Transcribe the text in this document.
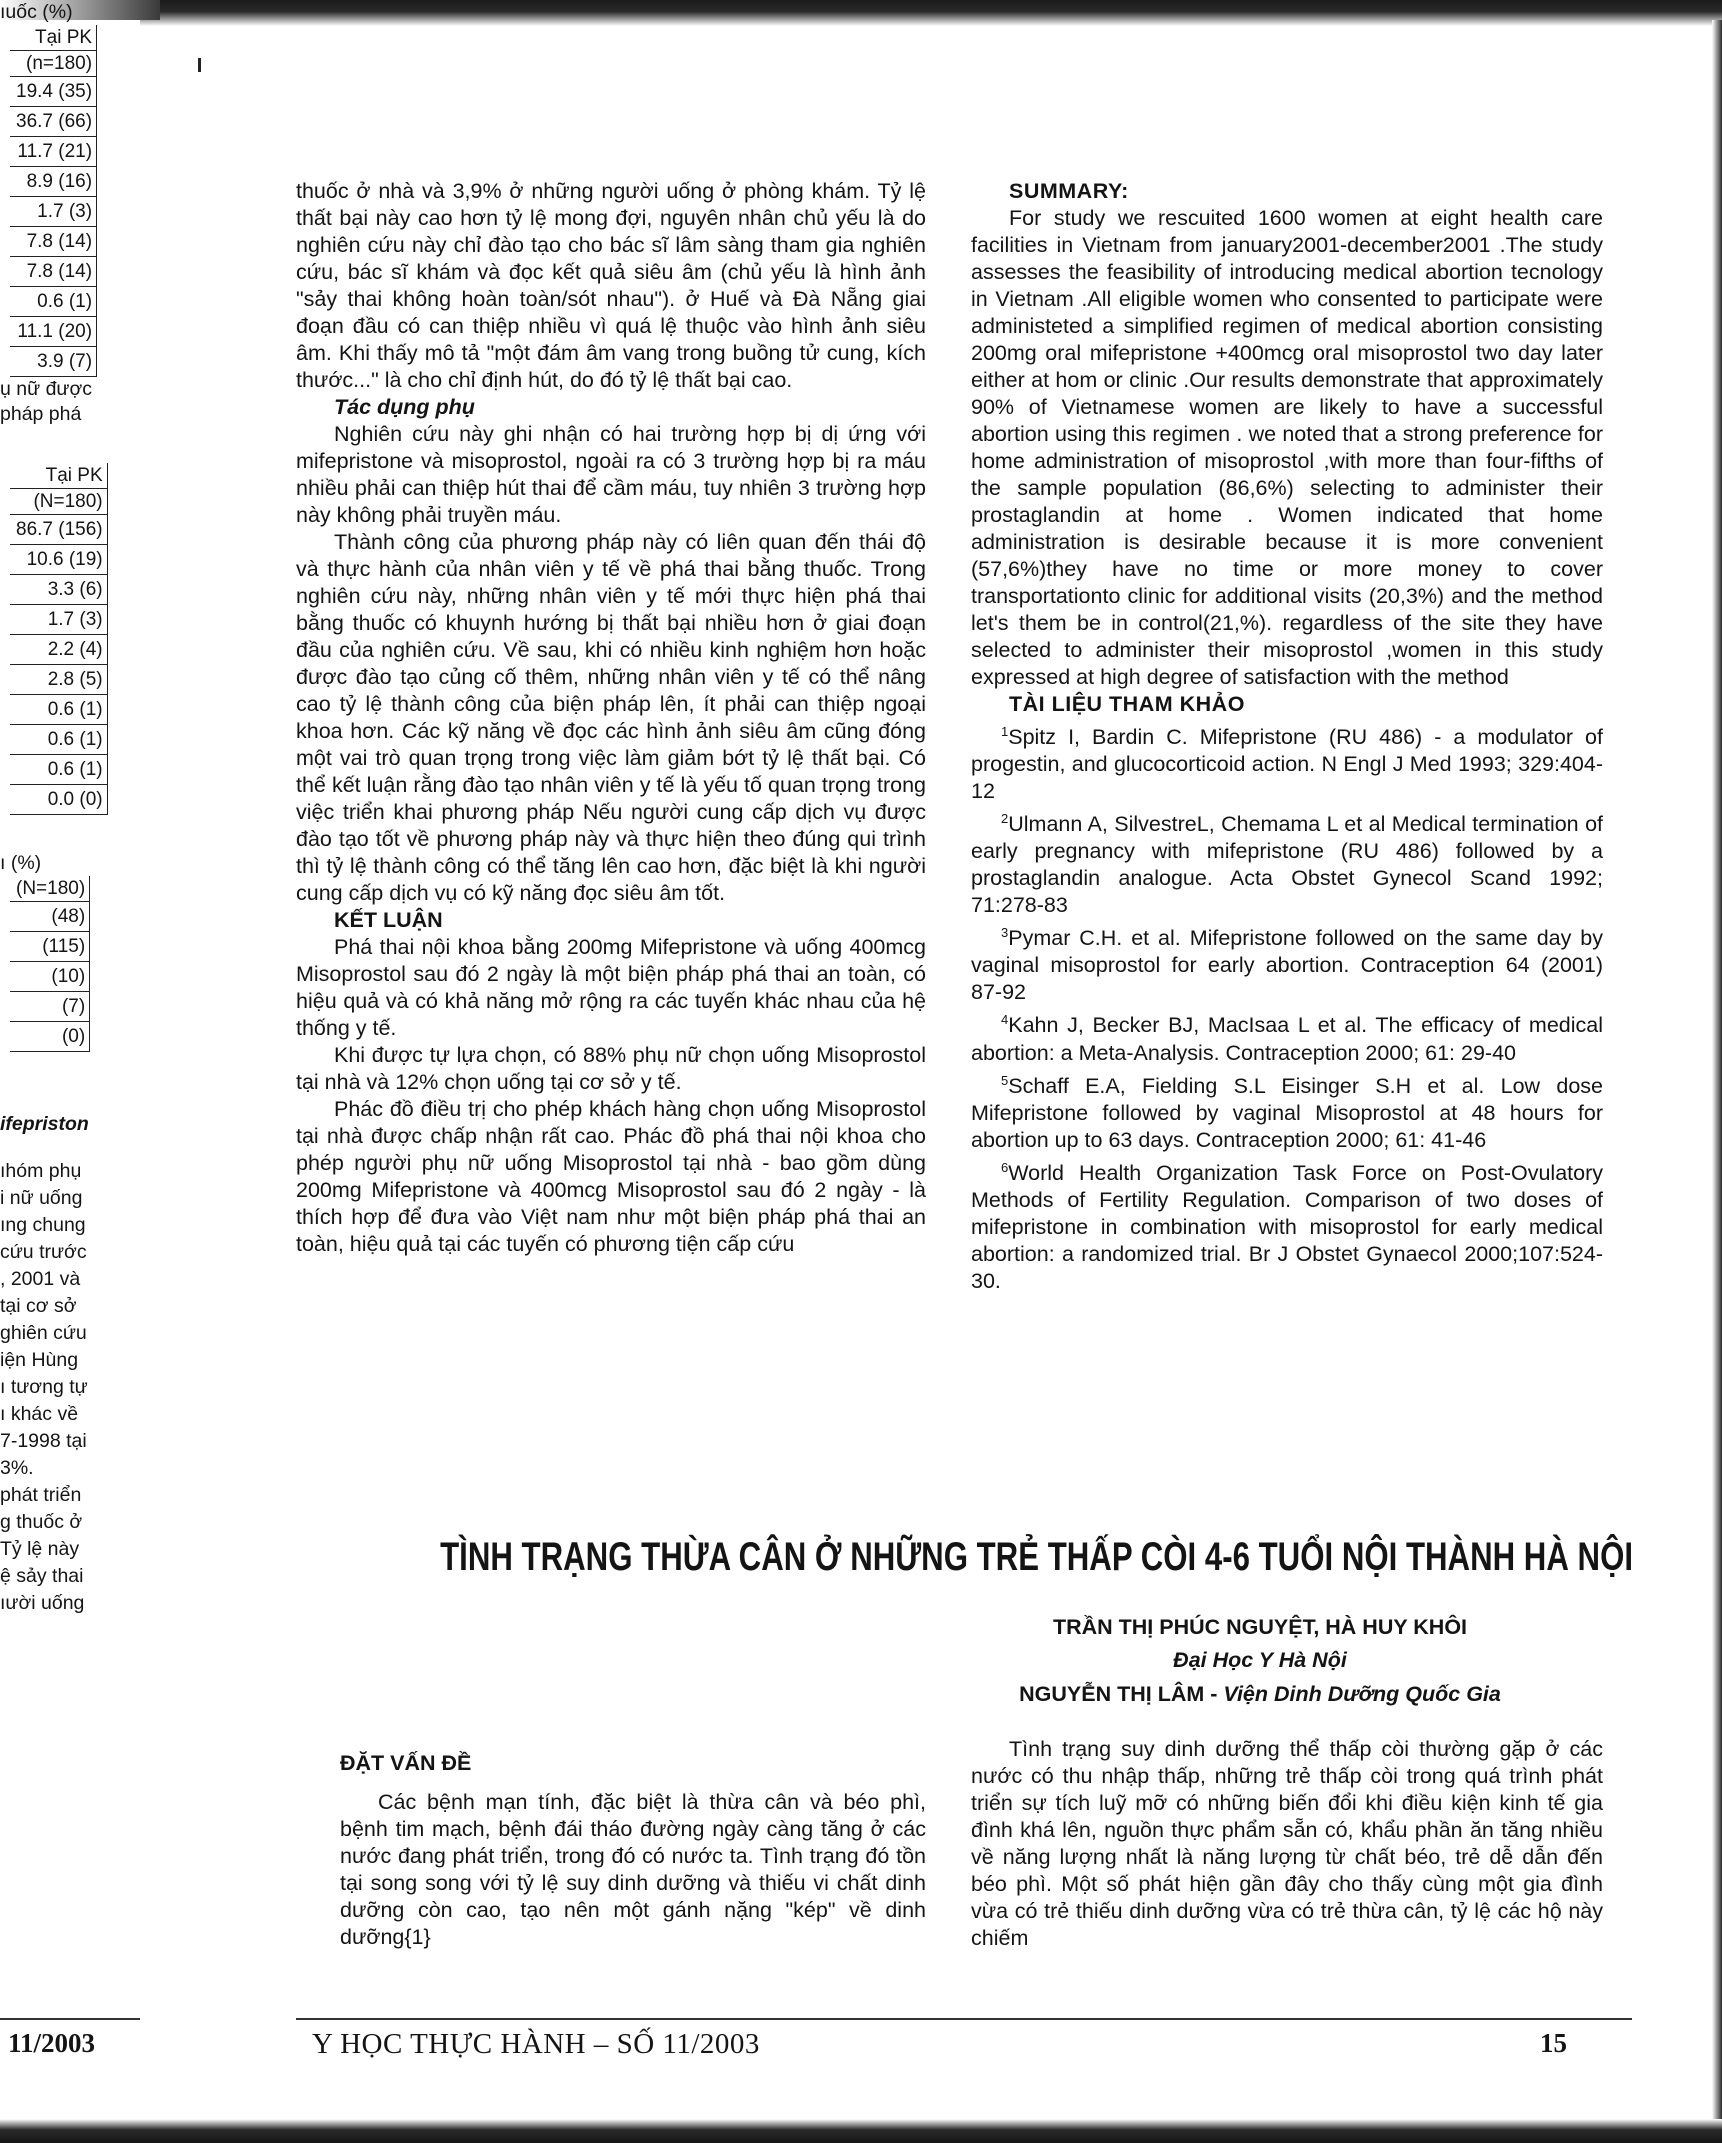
ıuốc (%)
Tại PK
(n=180)
19.4 (35)
36.7 (66)
11.7 (21)
8.9 (16)
1.7 (3)
7.8 (14)
7.8 (14)
0.6 (1)
11.1 (20)
3.9 (7)
ụ nữ được
pháp phá
Tại PK
(N=180)
86.7 (156)
10.6 (19)
3.3 (6)
1.7 (3)
2.2 (4)
2.8 (5)
0.6 (1)
0.6 (1)
0.6 (1)
0.0 (0)
ı (%)
(N=180)
(48)
(115)
(10)
(7)
(0)
ifepriston
ıhóm phụ
i nữ uống
ıng chung
cứu trước
, 2001 và
tại cơ sở
ghiên cứu
iện Hùng
ı tương tự
ı khác về
7-1998 tại
3%.
phát triển
g thuốc ở
Tỷ lệ này
ệ sảy thai
ıười uống

thuốc ở nhà và 3,9% ở những người uống ở phòng khám. Tỷ lệ thất bại này cao hơn tỷ lệ mong đợi, nguyên nhân chủ yếu là do nghiên cứu này chỉ đào tạo cho bác sĩ lâm sàng tham gia nghiên cứu, bác sĩ khám và đọc kết quả siêu âm (chủ yếu là hình ảnh "sảy thai không hoàn toàn/sót nhau"). ở Huế và Đà Nẵng giai đoạn đầu có can thiệp nhiều vì quá lệ thuộc vào hình ảnh siêu âm. Khi thấy mô tả "một đám âm vang trong buồng tử cung, kích thước..." là cho chỉ định hút, do đó tỷ lệ thất bại cao.

Tác dụng phụ

Nghiên cứu này ghi nhận có hai trường hợp bị dị ứng với mifepristone và misoprostol, ngoài ra có 3 trường hợp bị ra máu nhiều phải can thiệp hút thai để cầm máu, tuy nhiên 3 trường hợp này không phải truyền máu.

Thành công của phương pháp này có liên quan đến thái độ và thực hành của nhân viên y tế về phá thai bằng thuốc. Trong nghiên cứu này, những nhân viên y tế mới thực hiện phá thai bằng thuốc có khuynh hướng bị thất bại nhiều hơn ở giai đoạn đầu của nghiên cứu. Về sau, khi có nhiều kinh nghiệm hơn hoặc được đào tạo củng cố thêm, những nhân viên y tế có thể nâng cao tỷ lệ thành công của biện pháp lên, ít phải can thiệp ngoại khoa hơn. Các kỹ năng về đọc các hình ảnh siêu âm cũng đóng một vai trò quan trọng trong việc làm giảm bớt tỷ lệ thất bại. Có thể kết luận rằng đào tạo nhân viên y tế là yếu tố quan trọng trong việc triển khai phương pháp Nếu người cung cấp dịch vụ được đào tạo tốt về phương pháp này và thực hiện theo đúng qui trình thì tỷ lệ thành công có thể tăng lên cao hơn, đặc biệt là khi người cung cấp dịch vụ có kỹ năng đọc siêu âm tốt.

KẾT LUẬN

Phá thai nội khoa bằng 200mg Mifepristone và uống 400mcg Misoprostol sau đó 2 ngày là một biện pháp phá thai an toàn, có hiệu quả và có khả năng mở rộng ra các tuyến khác nhau của hệ thống y tế.

Khi được tự lựa chọn, có 88% phụ nữ chọn uống Misoprostol tại nhà và 12% chọn uống tại cơ sở y tế.

Phác đồ điều trị cho phép khách hàng chọn uống Misoprostol tại nhà được chấp nhận rất cao. Phác đồ phá thai nội khoa cho phép người phụ nữ uống Misoprostol tại nhà - bao gồm dùng 200mg Mifepristone và 400mcg Misoprostol sau đó 2 ngày - là thích hợp để đưa vào Việt nam như một biện pháp phá thai an toàn, hiệu quả tại các tuyến có phương tiện cấp cứu

SUMMARY:

For study we rescuited 1600 women at eight health care facilities in Vietnam from january2001-december2001 .The study assesses the feasibility of introducing medical abortion tecnology in Vietnam .All eligible women who consented to participate were administeted a simplified regimen of medical abortion consisting 200mg oral mifepristone +400mcg oral misoprostol two day later either at hom or clinic .Our results demonstrate that approximately 90% of Vietnamese women are likely to have a successful abortion using this regimen . we noted that a strong preference for home administration of misoprostol ,with more than four-fifths of the sample population (86,6%) selecting to administer their prostaglandin at home . Women indicated that home administration is desirable because it is more convenient (57,6%)they have no time or more money to cover transportationto clinic for additional visits (20,3%) and the method let's them be in control(21,%). regardless of the site they have selected to administer their misoprostol ,women in this study expressed at high degree of satisfaction with the method

TÀI LIỆU THAM KHẢO

$^1$Spitz I, Bardin C. Mifepristone (RU 486) - a modulator of progestin, and glucocorticoid action. N Engl J Med 1993; 329:404-12

$^2$Ulmann A, SilvestreL, Chemama L et al Medical termination of early pregnancy with mifepristone (RU 486) followed by a prostaglandin analogue. Acta Obstet Gynecol Scand 1992; 71:278-83

$^3$Pymar C.H. et al. Mifepristone followed on the same day by vaginal misoprostol for early abortion. Contraception 64 (2001) 87-92

$^4$Kahn J, Becker BJ, MacIsaa L et al. The efficacy of medical abortion: a Meta-Analysis. Contraception 2000; 61: 29-40

$^5$Schaff E.A, Fielding S.L Eisinger S.H et al. Low dose Mifepristone followed by vaginal Misoprostol at 48 hours for abortion up to 63 days. Contraception 2000; 61: 41-46

$^6$World Health Organization Task Force on Post-Ovulatory Methods of Fertility Regulation. Comparison of two doses of mifepristone in combination with misoprostol for early medical abortion: a randomized trial. Br J Obstet Gynaecol 2000;107:524-30.

TÌNH TRẠNG THỪA CÂN Ở NHỮNG TRẺ THẤP CÒI 4-6 TUỔI NỘI THÀNH HÀ NỘI
TRẦN THỊ PHÚC NGUYỆT, HÀ HUY KHÔI
Đại Học Y Hà Nội
NGUYỄN THỊ LÂM - Viện Dinh Dưỡng Quốc Gia

ĐẶT VẤN ĐỀ

Các bệnh mạn tính, đặc biệt là thừa cân và béo phì, bệnh tim mạch, bệnh đái tháo đường ngày càng tăng ở các nước đang phát triển, trong đó có nước ta. Tình trạng đó tồn tại song song với tỷ lệ suy dinh dưỡng và thiếu vi chất dinh dưỡng còn cao, tạo nên một gánh nặng "kép" về dinh dưỡng{1}

Tình trạng suy dinh dưỡng thể thấp còi thường gặp ở các nước có thu nhập thấp, những trẻ thấp còi trong quá trình phát triển sự tích luỹ mỡ có những biến đổi khi điều kiện kinh tế gia đình khá lên, nguồn thực phẩm sẵn có, khẩu phần ăn tăng nhiều về năng lượng nhất là năng lượng từ chất béo, trẻ dễ dẫn đến béo phì. Một số phát hiện gần đây cho thấy cùng một gia đình vừa có trẻ thiếu dinh dưỡng vừa có trẻ thừa cân, tỷ lệ các hộ này chiếm

11/2003	Y HỌC THỰC HÀNH – SỐ 11/2003	15
